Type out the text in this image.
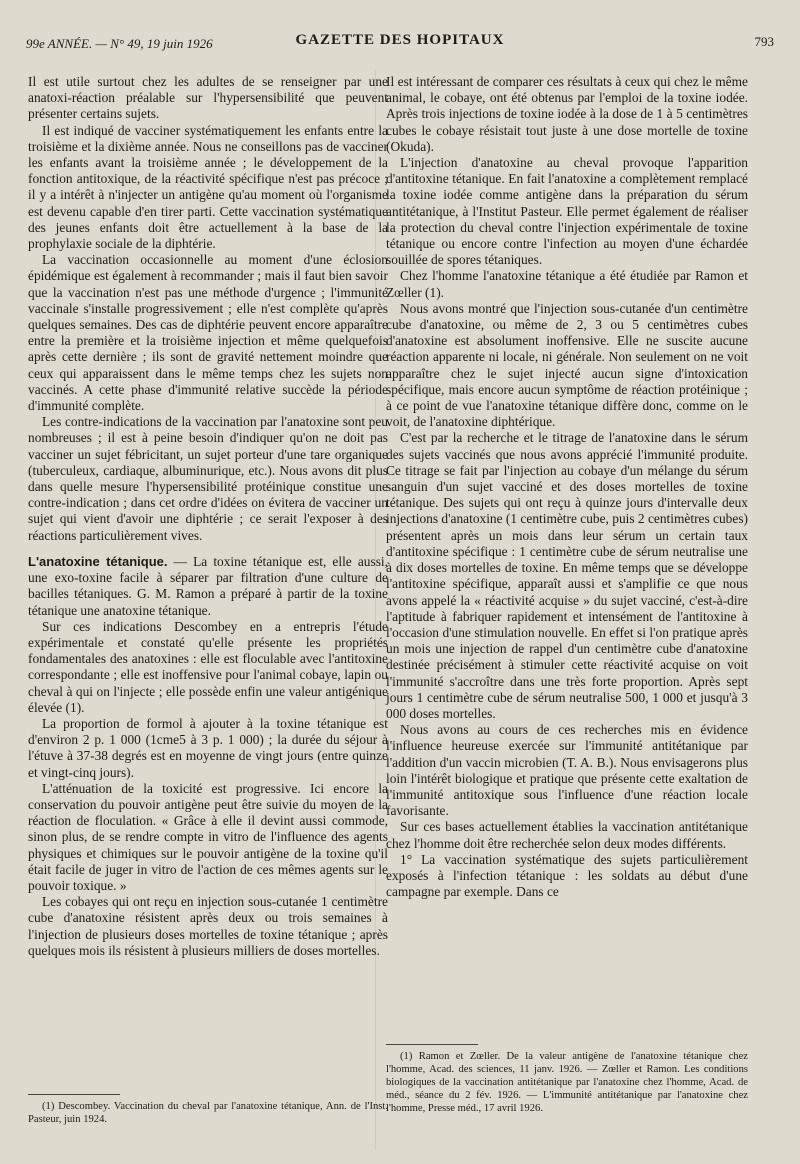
99e ANNÉE. — N° 49, 19 juin 1926	GAZETTE DES HOPITAUX	793

Il est utile surtout chez les adultes de se renseigner par une anatoxi-réaction préalable sur l'hypersensibilité que peuvent présenter certains sujets.

Il est indiqué de vacciner systématiquement les enfants entre la troisième et la dixième année. Nous ne conseillons pas de vacciner les enfants avant la troisième année ; le développement de la fonction antitoxique, de la réactivité spécifique n'est pas précoce ; il y a intérêt à n'injecter un antigène qu'au moment où l'organisme est devenu capable d'en tirer parti. Cette vaccination systématique des jeunes enfants doit être actuellement à la base de la prophylaxie sociale de la diphtérie.

La vaccination occasionnelle au moment d'une éclosion épidémique est également à recommander ; mais il faut bien savoir que la vaccination n'est pas une méthode d'urgence ; l'immunité vaccinale s'installe progressivement ; elle n'est complète qu'après quelques semaines. Des cas de diphtérie peuvent encore apparaître entre la première et la troisième injection et même quelquefois après cette dernière ; ils sont de gravité nettement moindre que ceux qui apparaissent dans le même temps chez les sujets non vaccinés. A cette phase d'immunité relative succède la période d'immunité complète.

Les contre-indications de la vaccination par l'anatoxine sont peu nombreuses ; il est à peine besoin d'indiquer qu'on ne doit pas vacciner un sujet fébricitant, un sujet porteur d'une tare organique (tuberculeux, cardiaque, albuminurique, etc.). Nous avons dit plus dans quelle mesure l'hypersensibilité protéinique constitue une contre-indication ; dans cet ordre d'idées on évitera de vacciner un sujet qui vient d'avoir une diphtérie ; ce serait l'exposer à des réactions particulièrement vives.

L'anatoxine tétanique. — La toxine tétanique est, elle aussi, une exo-toxine facile à séparer par filtration d'une culture de bacilles tétaniques. G. M. Ramon a préparé à partir de la toxine tétanique une anatoxine tétanique.

Sur ces indications Descombey en a entrepris l'étude expérimentale et constaté qu'elle présente les propriétés fondamentales des anatoxines : elle est floculable avec l'antitoxine correspondante ; elle est inoffensive pour l'animal cobaye, lapin ou cheval à qui on l'injecte ; elle possède enfin une valeur antigénique élevée (1).

La proportion de formol à ajouter à la toxine tétanique est d'environ 2 p. 1 000 (1cme5 à 3 p. 1 000) ; la durée du séjour à l'étuve à 37-38 degrés est en moyenne de vingt jours (entre quinze et vingt-cinq jours).

L'atténuation de la toxicité est progressive. Ici encore la conservation du pouvoir antigène peut être suivie du moyen de la réaction de floculation. « Grâce à elle il devint aussi commode, sinon plus, de se rendre compte in vitro de l'influence des agents physiques et chimiques sur le pouvoir antigène de la toxine qu'il était facile de juger in vitro de l'action de ces mêmes agents sur le pouvoir toxique. »

Les cobayes qui ont reçu en injection sous-cutanée 1 centimètre cube d'anatoxine résistent après deux ou trois semaines à l'injection de plusieurs doses mortelles de toxine tétanique ; après quelques mois ils résistent à plusieurs milliers de doses mortelles.

(1) Descombey. Vaccination du cheval par l'anatoxine tétanique, Ann. de l'Inst. Pasteur, juin 1924.

Il est intéressant de comparer ces résultats à ceux qui chez le même animal, le cobaye, ont été obtenus par l'emploi de la toxine iodée. Après trois injections de toxine iodée à la dose de 1 à 5 centimètres cubes le cobaye résistait tout juste à une dose mortelle de toxine (Okuda).

L'injection d'anatoxine au cheval provoque l'apparition d'antitoxine tétanique. En fait l'anatoxine a complètement remplacé la toxine iodée comme antigène dans la préparation du sérum antitétanique, à l'Institut Pasteur. Elle permet également de réaliser la protection du cheval contre l'injection expérimentale de toxine tétanique ou encore contre l'infection au moyen d'une échardée souillée de spores tétaniques.

Chez l'homme l'anatoxine tétanique a été étudiée par Ramon et Zœller (1).

Nous avons montré que l'injection sous-cutanée d'un centimètre cube d'anatoxine, ou même de 2, 3 ou 5 centimètres cubes d'anatoxine est absolument inoffensive. Elle ne suscite aucune réaction apparente ni locale, ni générale. Non seulement on ne voit apparaître chez le sujet injecté aucun signe d'intoxication spécifique, mais encore aucun symptôme de réaction protéinique ; à ce point de vue l'anatoxine tétanique diffère donc, comme on le voit, de l'anatoxine diphtérique.

C'est par la recherche et le titrage de l'anatoxine dans le sérum des sujets vaccinés que nous avons apprécié l'immunité produite. Ce titrage se fait par l'injection au cobaye d'un mélange du sérum sanguin d'un sujet vacciné et des doses mortelles de toxine tétanique. Des sujets qui ont reçu à quinze jours d'intervalle deux injections d'anatoxine (1 centimètre cube, puis 2 centimètres cubes) présentent après un mois dans leur sérum un certain taux d'antitoxine spécifique : 1 centimètre cube de sérum neutralise une à dix doses mortelles de toxine. En même temps que se développe l'antitoxine spécifique, apparaît aussi et s'amplifie ce que nous avons appelé la « réactivité acquise » du sujet vacciné, c'est-à-dire l'aptitude à fabriquer rapidement et intensément de l'antitoxine à l'occasion d'une stimulation nouvelle. En effet si l'on pratique après un mois une injection de rappel d'un centimètre cube d'anatoxine destinée précisément à stimuler cette réactivité acquise on voit l'immunité s'accroître dans une très forte proportion. Après sept jours 1 centimètre cube de sérum neutralise 500, 1 000 et jusqu'à 3 000 doses mortelles.

Nous avons au cours de ces recherches mis en évidence l'influence heureuse exercée sur l'immunité antitétanique par l'addition d'un vaccin microbien (T. A. B.). Nous envisagerons plus loin l'intérêt biologique et pratique que présente cette exaltation de l'immunité antitoxique sous l'influence d'une réaction locale favorisante.

Sur ces bases actuellement établies la vaccination antitétanique chez l'homme doit être recherchée selon deux modes différents.

1° La vaccination systématique des sujets particulièrement exposés à l'infection tétanique : les soldats au début d'une campagne par exemple. Dans ce

(1) Ramon et Zœller. De la valeur antigène de l'anatoxine tétanique chez l'homme, Acad. des sciences, 11 janv. 1926. — Zœller et Ramon. Les conditions biologiques de la vaccination antitétanique par l'anatoxine chez l'homme, Acad. de méd., séance du 2 fév. 1926. — L'immunité antitétanique par l'anatoxine chez l'homme, Presse méd., 17 avril 1926.
